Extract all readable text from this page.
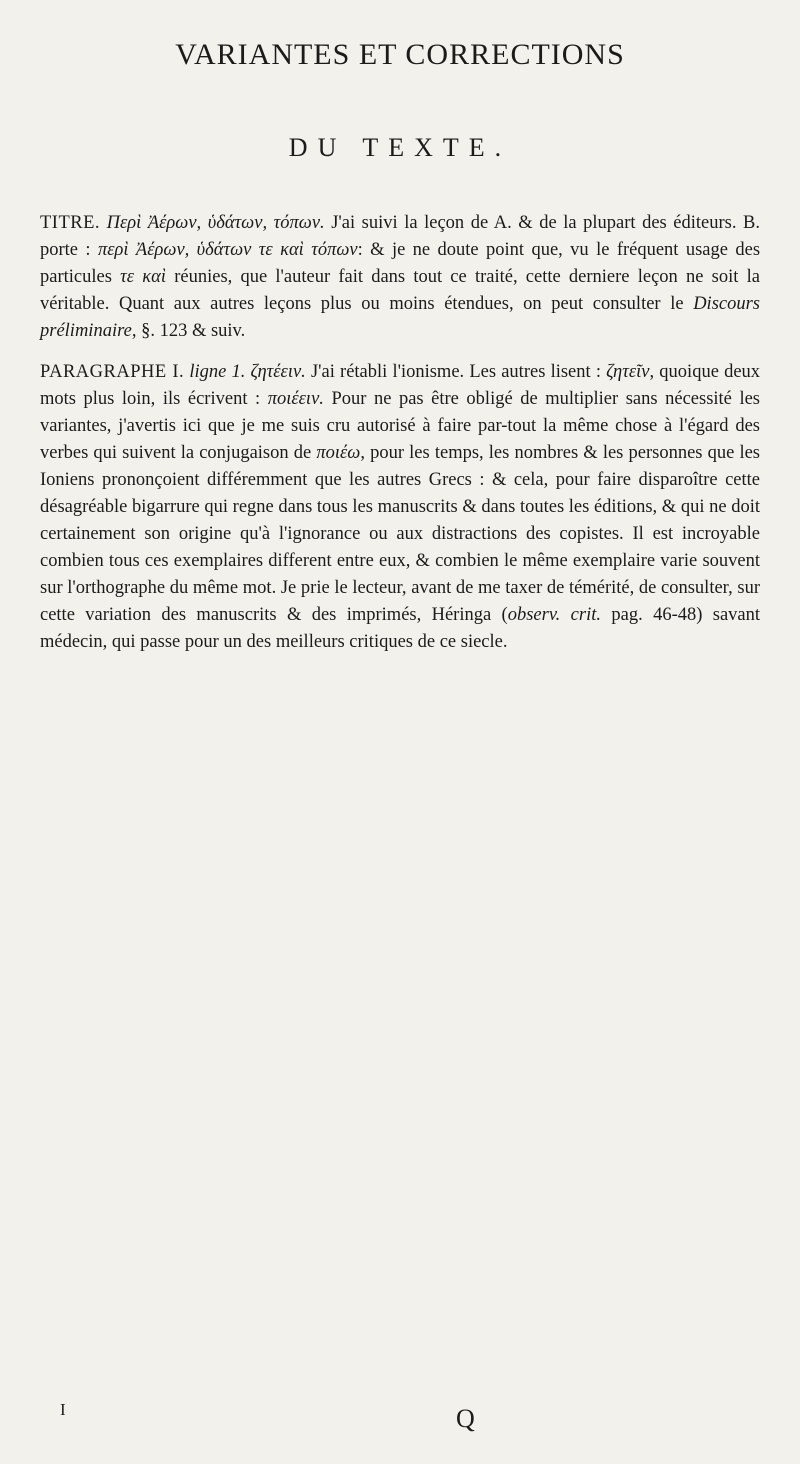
VARIANTES ET CORRECTIONS
DU TEXTE.

TITRE. Περὶ Ἀέρων, ὑδάτων, τόπων. J'ai suivi la leçon de A. & de la plupart des éditeurs. B. porte : περὶ Ἀέρων, ὑδάτων τε καὶ τόπων: & je ne doute point que, vu le fréquent usage des particules τε καὶ réunies, que l'auteur fait dans tout ce traité, cette derniere leçon ne soit la véritable. Quant aux autres leçons plus ou moins étendues, on peut consulter le Discours préliminaire, §. 123 & suiv.

PARAGRAPHE I. ligne 1. ζητέειν. J'ai rétabli l'ionisme. Les autres lisent : ζητεῖν, quoique deux mots plus loin, ils écrivent : ποιέειν. Pour ne pas être obligé de multiplier sans nécessité les variantes, j'avertis ici que je me suis cru autorisé à faire par-tout la même chose à l'égard des verbes qui suivent la conjugaison de ποιέω, pour les temps, les nombres & les personnes que les Ioniens prononçoient différemment que les autres Grecs : & cela, pour faire disparoître cette désagréable bigarrure qui regne dans tous les manuscrits & dans toutes les éditions, & qui ne doit certainement son origine qu'à l'ignorance ou aux distractions des copistes. Il est incroyable combien tous ces exemplaires different entre eux, & combien le même exemplaire varie souvent sur l'orthographe du même mot. Je prie le lecteur, avant de me taxer de témérité, de consulter, sur cette variation des manuscrits & des imprimés, Héringa (observ. crit. pag. 46-48) savant médecin, qui passe pour un des meilleurs critiques de ce siecle.

I	Q
